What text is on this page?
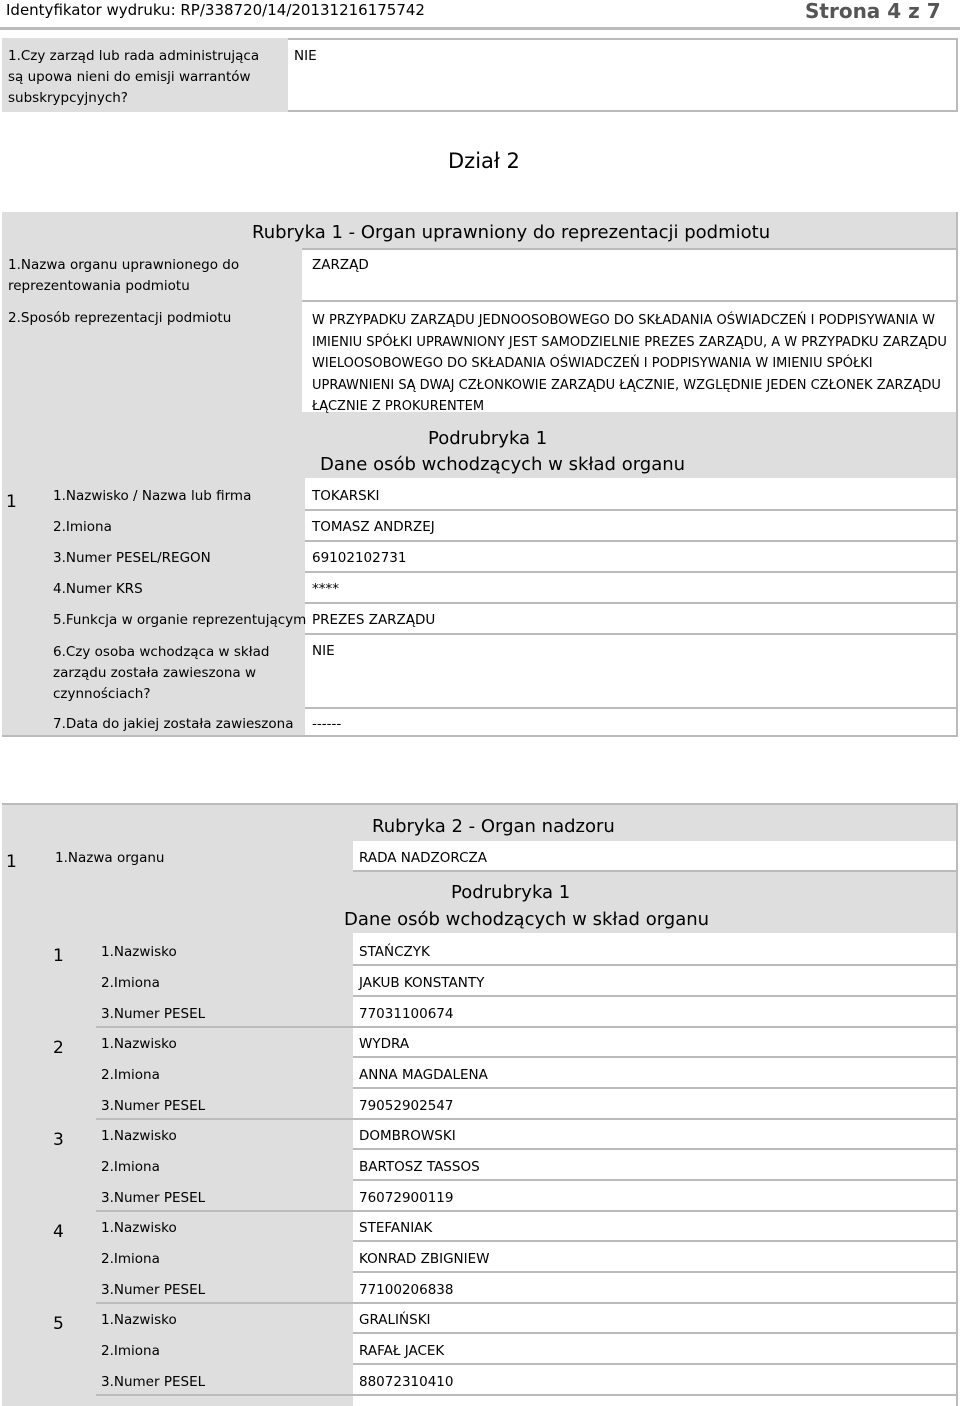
Identyfikator wydruku: RP/338720/14/20131216175742	Strona 4 z 7
1.Czy zarząd lub rada administrująca są upowa nieni do emisji warrantów subskrypcyjnych?
NIE
Dział 2
Rubryka 1 - Organ uprawniony do reprezentacji podmiotu
1.Nazwa organu uprawnionego do reprezentowania podmiotu
ZARZĄD
2.Sposób reprezentacji podmiotu	W PRZYPADKU ZARZĄDU JEDNOOSOBOWEGO DO SKŁADANIA OŚWIADCZEŃ I PODPISYWANIA W IMIENIU SPÓŁKI UPRAWNIONY JEST SAMODZIELNIE PREZES ZARZĄDU, A W PRZYPADKU ZARZĄDU WIELOOSOBOWEGO DO SKŁADANIA OŚWIADCZEŃ I PODPISYWANIA W IMIENIU SPÓŁKI UPRAWNIENI SĄ DWAJ CZŁONKOWIE ZARZĄDU ŁĄCZNIE, WZGLĘDNIE JEDEN CZŁONEK ZARZĄDU ŁĄCZNIE Z PROKURENTEM
Podrubryka 1
Dane osób wchodzących w skład organu
1	1.Nazwisko / Nazwa lub firma	TOKARSKI
2.Imiona	TOMASZ ANDRZEJ
3.Numer PESEL/REGON	69102102731
4.Numer KRS	****
5.Funkcja w organie reprezentującym PREZES ZARZĄDU
6.Czy osoba wchodząca w skład zarządu została zawieszona w czynnościach?
NIE
7.Data do jakiej została zawieszona ------
Rubryka 2 - Organ nadzoru
1	1.Nazwa organu	RADA NADZORCZA
Podrubryka 1
Dane osób wchodzących w skład organu
1	1.Nazwisko	STAŃCZYK
2.Imiona	JAKUB KONSTANTY
3.Numer PESEL	77031100674
2	1.Nazwisko	WYDRA
2.Imiona	ANNA MAGDALENA
3.Numer PESEL	79052902547
3	1.Nazwisko	DOMBROWSKI
2.Imiona	BARTOSZ TASSOS
3.Numer PESEL	76072900119
4	1.Nazwisko	STEFANIAK
2.Imiona	KONRAD ZBIGNIEW
3.Numer PESEL	77100206838
5	1.Nazwisko	GRALIŃSKI
2.Imiona	RAFAŁ JACEK
3.Numer PESEL	88072310410
